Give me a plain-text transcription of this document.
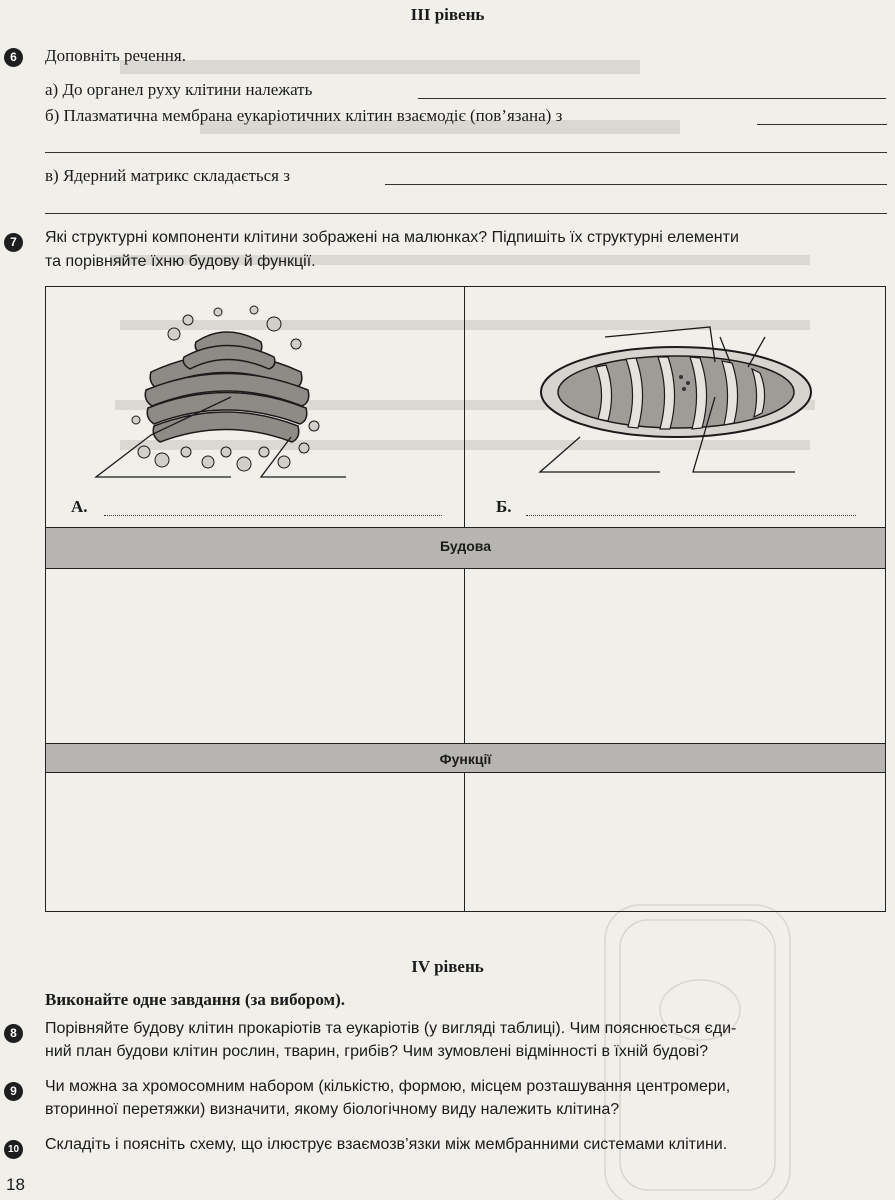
III рівень
6	Доповніть речення.
а) До органел руху клітини належать
б) Плазматична мембрана еукаріотичних клітин взаємодіє (пов’язана) з
в) Ядерний матрикс складається з
7	Які структурні компоненти клітини зображені на малюнках? Підпишіть їх структурні елементи
та порівняйте їхню будову й функції.
А.	Б.
Будова
Функції
IV рівень
Виконайте одне завдання (за вибором).
8	Порівняйте будову клітин прокаріотів та еукаріотів (у вигляді таблиці). Чим пояснюється єди-
ний план будови клітин рослин, тварин, грибів? Чим зумовлені відмінності в їхній будові?
9	Чи можна за хромосомним набором (кількістю, формою, місцем розташування центромери,
вторинної перетяжки) визначити, якому біологічному виду належить клітина?
10 Складіть і поясніть схему, що ілюструє взаємозв’язки між мембранними системами клітини.
18
